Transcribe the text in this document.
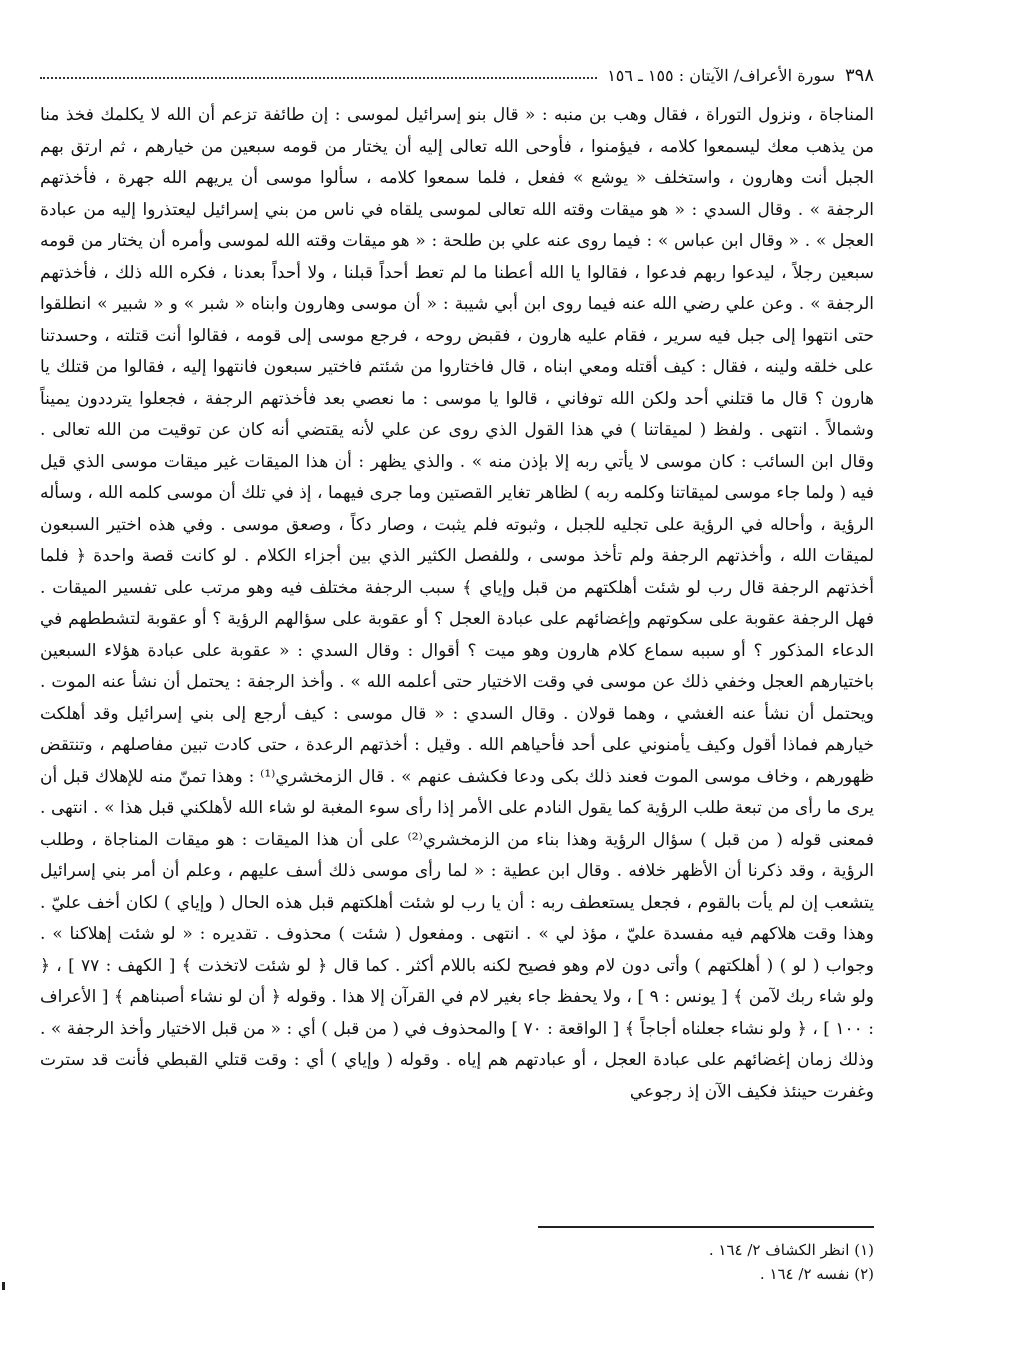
٣٩٨
سورة الأعراف/ الآيتان : ١٥٥ ـ ١٥٦

المناجاة ، ونزول التوراة ، فقال وهب بن منبه : « قال بنو إسرائيل لموسى : إن طائفة تزعم أن الله لا يكلمك فخذ منا من يذهب معك ليسمعوا كلامه ، فيؤمنوا ، فأوحى الله تعالى إليه أن يختار من قومه سبعين من خيارهم ، ثم ارتق بهم الجبل أنت وهارون ، واستخلف « يوشع » ففعل ، فلما سمعوا كلامه ، سألوا موسى أن يريهم الله جهرة ، فأخذتهم الرجفة » . وقال السدي : « هو ميقات وقته الله تعالى لموسى يلقاه في ناس من بني إسرائيل ليعتذروا إليه من عبادة العجل » . « وقال ابن عباس » : فيما روى عنه علي بن طلحة : « هو ميقات وقته الله لموسى وأمره أن يختار من قومه سبعين رجلاً ، ليدعوا ربهم فدعوا ، فقالوا يا الله أعطنا ما لم تعط أحداً قبلنا ، ولا أحداً بعدنا ، فكره الله ذلك ، فأخذتهم الرجفة » . وعن علي رضي الله عنه فيما روى ابن أبي شيبة : « أن موسى وهارون وابناه « شبر » و « شبير » انطلقوا حتى انتهوا إلى جبل فيه سرير ، فقام عليه هارون ، فقبض روحه ، فرجع موسى إلى قومه ، فقالوا أنت قتلته ، وحسدتنا على خلقه ولينه ، فقال : كيف أقتله ومعي ابناه ، قال فاختاروا من شئتم فاختير سبعون فانتهوا إليه ، فقالوا من قتلك يا هارون ؟ قال ما قتلني أحد ولكن الله توفاني ، قالوا يا موسى : ما نعصي بعد فأخذتهم الرجفة ، فجعلوا يترددون يميناً وشمالاً . انتهى . ولفظ ( لميقاتنا ) في هذا القول الذي روى عن علي لأنه يقتضي أنه كان عن توقيت من الله تعالى . وقال ابن السائب : كان موسى لا يأتي ربه إلا بإذن منه » . والذي يظهر : أن هذا الميقات غير ميقات موسى الذي قيل فيه ( ولما جاء موسى لميقاتنا وكلمه ربه ) لظاهر تغاير القصتين وما جرى فيهما ، إذ في تلك أن موسى كلمه الله ، وسأله الرؤية ، وأحاله في الرؤية على تجليه للجبل ، وثبوته فلم يثبت ، وصار دكاً ، وصعق موسى . وفي هذه اختير السبعون لميقات الله ، وأخذتهم الرجفة ولم تأخذ موسى ، وللفصل الكثير الذي بين أجزاء الكلام . لو كانت قصة واحدة ﴿ فلما أخذتهم الرجفة قال رب لو شئت أهلكتهم من قبل وإياي ﴾ سبب الرجفة مختلف فيه وهو مرتب على تفسير الميقات . فهل الرجفة عقوبة على سكوتهم وإغضائهم على عبادة العجل ؟ أو عقوبة على سؤالهم الرؤية ؟ أو عقوبة لتشططهم في الدعاء المذكور ؟ أو سببه سماع كلام هارون وهو ميت ؟ أقوال : وقال السدي : « عقوبة على عبادة هؤلاء السبعين باختيارهم العجل وخفي ذلك عن موسى في وقت الاختيار حتى أعلمه الله » . وأخذ الرجفة : يحتمل أن نشأ عنه الموت . ويحتمل أن نشأ عنه الغشي ، وهما قولان . وقال السدي : « قال موسى : كيف أرجع إلى بني إسرائيل وقد أهلكت خيارهم فماذا أقول وكيف يأمنوني على أحد فأحياهم الله . وقيل : أخذتهم الرعدة ، حتى كادت تبين مفاصلهم ، وتنتقض ظهورهم ، وخاف موسى الموت فعند ذلك بكى ودعا فكشف عنهم » . قال الزمخشري⁽¹⁾ : وهذا تمنّ منه للإهلاك قبل أن يرى ما رأى من تبعة طلب الرؤية كما يقول النادم على الأمر إذا رأى سوء المغبة لو شاء الله لأهلكني قبل هذا » . انتهى . فمعنى قوله ( من قبل ) سؤال الرؤية وهذا بناء من الزمخشري⁽²⁾ على أن هذا الميقات : هو ميقات المناجاة ، وطلب الرؤية ، وقد ذكرنا أن الأظهر خلافه . وقال ابن عطية : « لما رأى موسى ذلك أسف عليهم ، وعلم أن أمر بني إسرائيل يتشعب إن لم يأت بالقوم ، فجعل يستعطف ربه : أن يا رب لو شئت أهلكتهم قبل هذه الحال ( وإياي ) لكان أخف عليّ . وهذا وقت هلاكهم فيه مفسدة عليّ ، مؤذ لي » . انتهى . ومفعول ( شئت ) محذوف . تقديره : « لو شئت إهلاكنا » . وجواب ( لو ) ( أهلكتهم ) وأتى دون لام وهو فصيح لكنه باللام أكثر . كما قال ﴿ لو شئت لاتخذت ﴾ [ الكهف : ٧٧ ] ، ﴿ ولو شاء ربك لآمن ﴾ [ يونس : ٩ ] ، ولا يحفظ جاء بغير لام في القرآن إلا هذا . وقوله ﴿ أن لو نشاء أصبناهم ﴾ [ الأعراف : ١٠٠ ] ، ﴿ ولو نشاء جعلناه أجاجاً ﴾ [ الواقعة : ٧٠ ] والمحذوف في ( من قبل ) أي : « من قبل الاختيار وأخذ الرجفة » . وذلك زمان إغضائهم على عبادة العجل ، أو عبادتهم هم إياه . وقوله ( وإياي ) أي : وقت قتلي القبطي فأنت قد سترت وغفرت حينئذ فكيف الآن إذ رجوعي

(١) انظر الكشاف ٢/ ١٦٤ .

(٢) نفسه ٢/ ١٦٤ .
